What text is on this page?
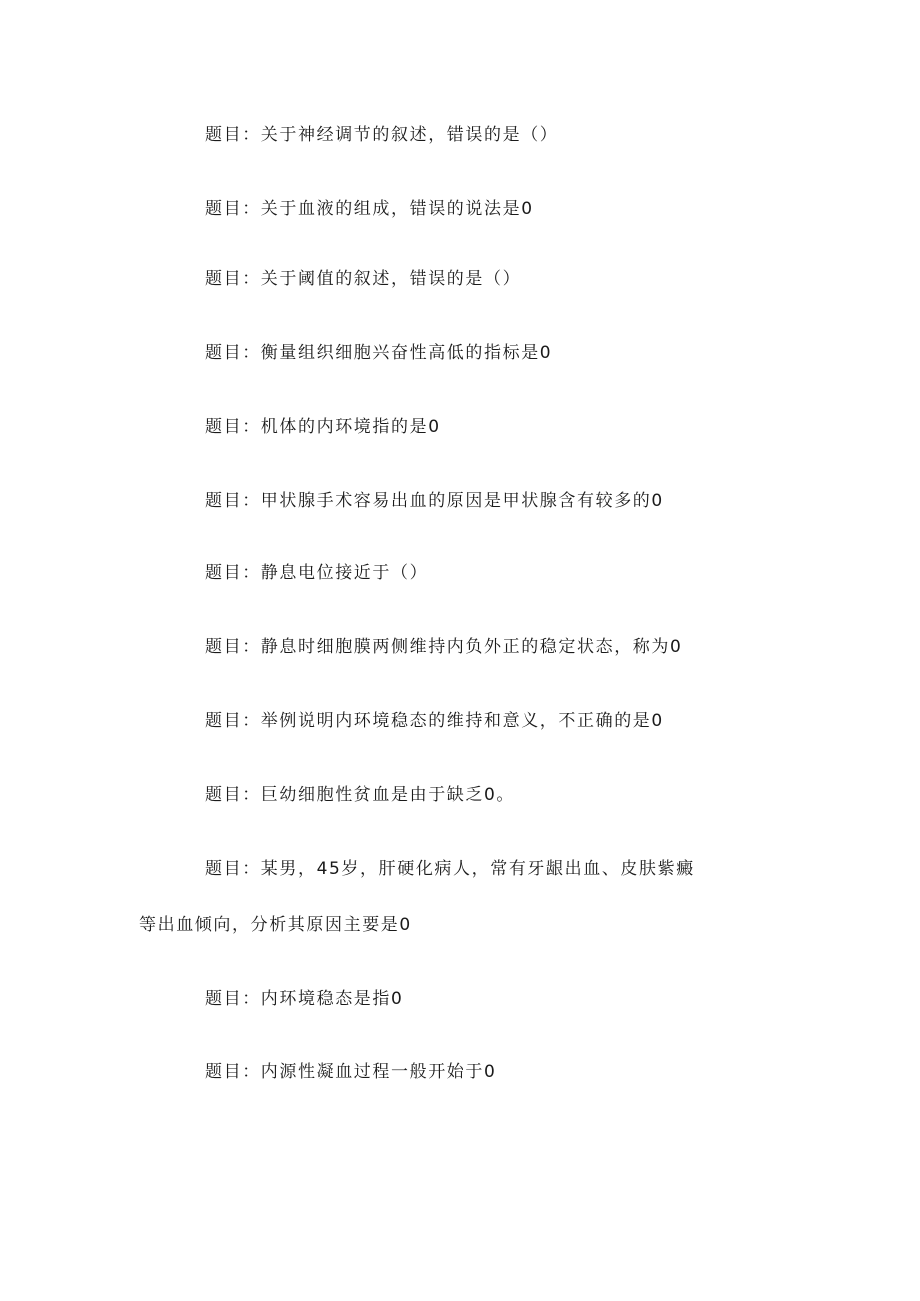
题目：关于神经调节的叙述，错误的是（）

题目：关于血液的组成，错误的说法是0

题目：关于阈值的叙述，错误的是（）

题目：衡量组织细胞兴奋性高低的指标是0

题目：机体的内环境指的是0

题目：甲状腺手术容易出血的原因是甲状腺含有较多的0

题目：静息电位接近于（）

题目：静息时细胞膜两侧维持内负外正的稳定状态，称为0

题目：举例说明内环境稳态的维持和意义，不正确的是0

题目：巨幼细胞性贫血是由于缺乏0。

题目：某男，45岁，肝硬化病人，常有牙龈出血、皮肤紫癜

等出血倾向，分析其原因主要是0

题目：内环境稳态是指0

题目：内源性凝血过程一般开始于0
